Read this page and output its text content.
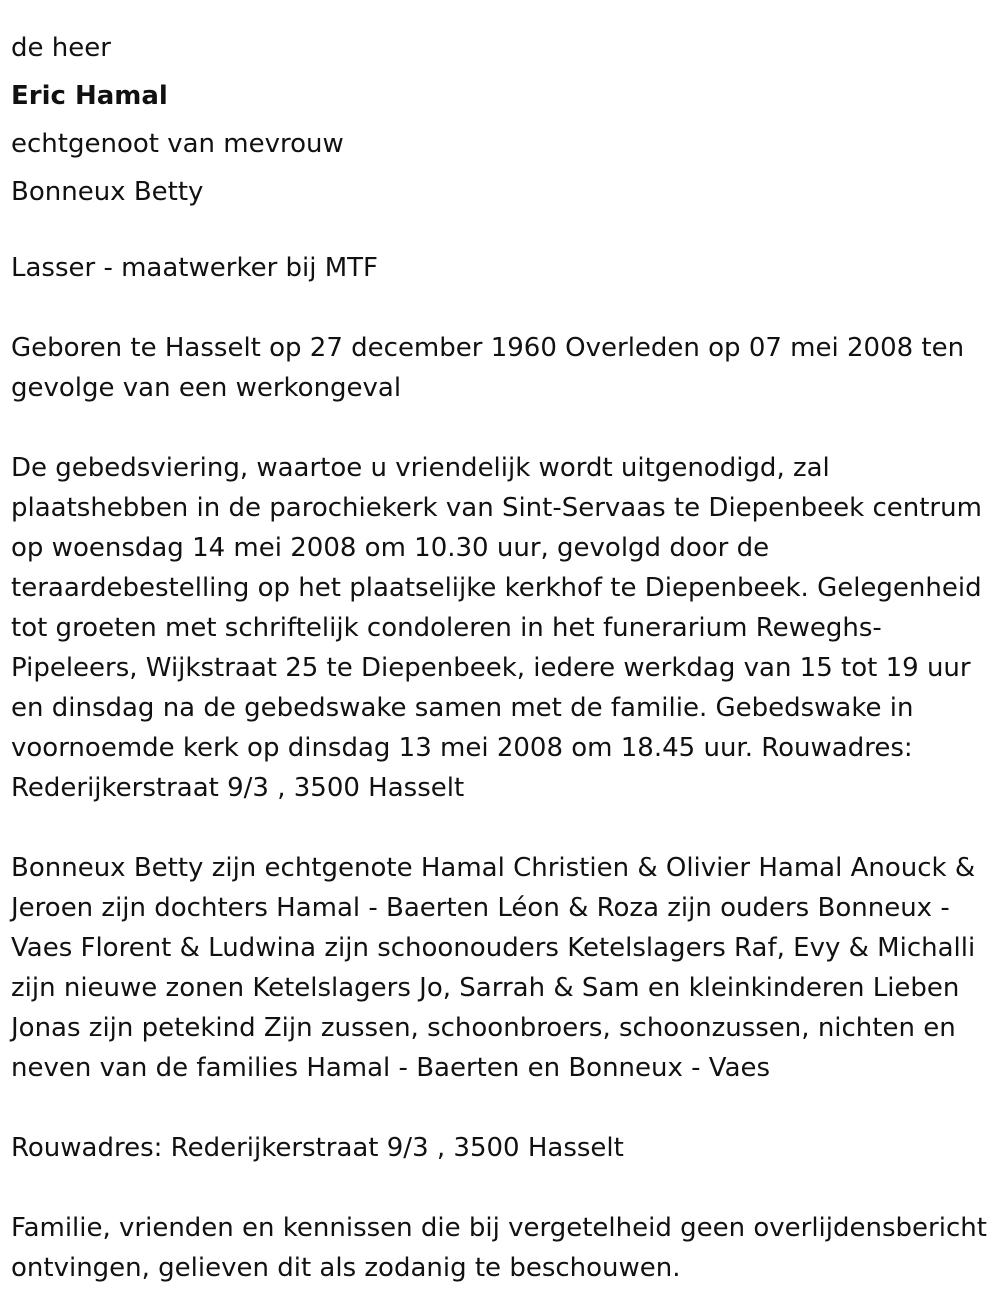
de heer

Eric Hamal

echtgenoot van mevrouw

Bonneux Betty

Lasser - maatwerker bij MTF

Geboren te Hasselt op 27 december 1960 Overleden op 07 mei 2008 ten gevolge van een werkongeval

De gebedsviering, waartoe u vriendelijk wordt uitgenodigd, zal plaatshebben in de parochiekerk van Sint-Servaas te Diepenbeek centrum op woensdag 14 mei 2008 om 10.30 uur, gevolgd door de teraardebestelling op het plaatselijke kerkhof te Diepenbeek. Gelegenheid tot groeten met schriftelijk condoleren in het funerarium Reweghs-Pipeleers, Wijkstraat 25 te Diepenbeek, iedere werkdag van 15 tot 19 uur en dinsdag na de gebedswake samen met de familie. Gebedswake in voornoemde kerk op dinsdag 13 mei 2008 om 18.45 uur. Rouwadres: Rederijkerstraat 9/3 , 3500 Hasselt

Bonneux Betty zijn echtgenote Hamal Christien & Olivier Hamal Anouck & Jeroen zijn dochters Hamal - Baerten Léon & Roza zijn ouders Bonneux - Vaes Florent & Ludwina zijn schoonouders Ketelslagers Raf, Evy & Michalli zijn nieuwe zonen Ketelslagers Jo, Sarrah & Sam en kleinkinderen Lieben Jonas zijn petekind Zijn zussen, schoonbroers, schoonzussen, nichten en neven van de families Hamal - Baerten en Bonneux - Vaes

Rouwadres: Rederijkerstraat 9/3 , 3500 Hasselt

Familie, vrienden en kennissen die bij vergetelheid geen overlijdensbericht ontvingen, gelieven dit als zodanig te beschouwen.
